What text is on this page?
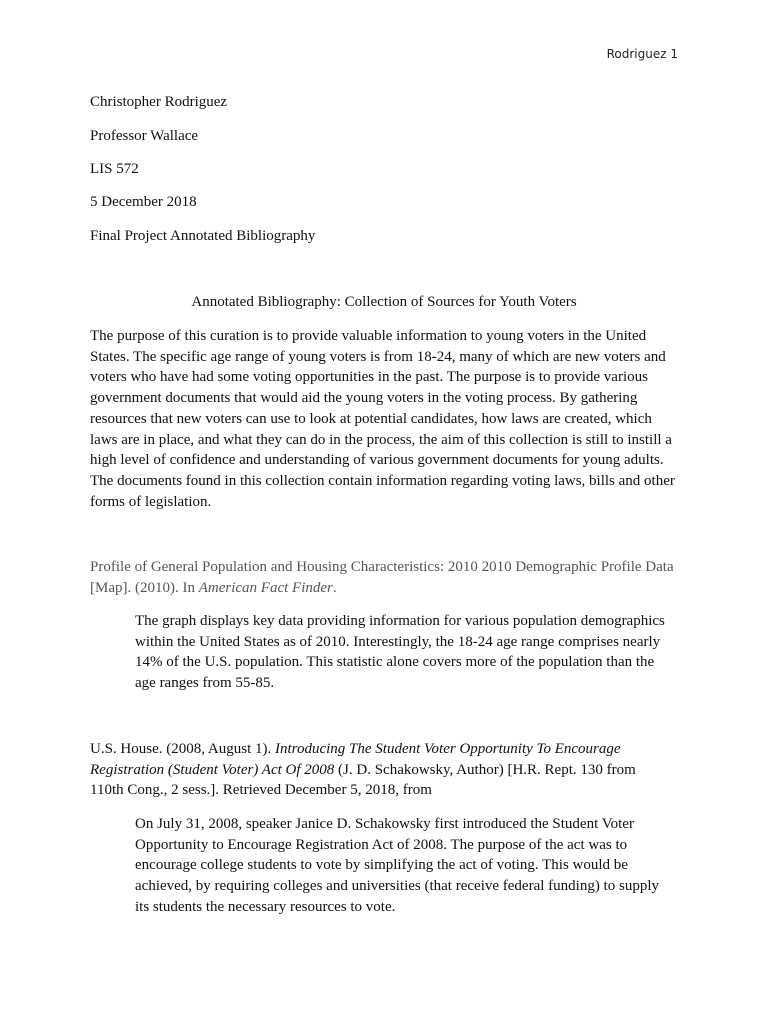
Rodriguez 1
Christopher Rodriguez
Professor Wallace
LIS 572
5 December 2018
Final Project Annotated Bibliography
Annotated Bibliography: Collection of Sources for Youth Voters
The purpose of this curation is to provide valuable information to young voters in the United
States. The specific age range of young voters is from 18-24, many of which are new voters and
voters who have had some voting opportunities in the past. The purpose is to provide various
government documents that would aid the young voters in the voting process. By gathering
resources that new voters can use to look at potential candidates, how laws are created, which
laws are in place, and what they can do in the process, the aim of this collection is still to instill a
high level of confidence and understanding of various government documents for young adults.
The documents found in this collection contain information regarding voting laws, bills and other
forms of legislation.
Profile of General Population and Housing Characteristics: 2010 2010 Demographic Profile Data
[Map]. (2010). In American Fact Finder.
The graph displays key data providing information for various population demographics
within the United States as of 2010. Interestingly, the 18-24 age range comprises nearly
14% of the U.S. population. This statistic alone covers more of the population than the
age ranges from 55-85.
U.S. House. (2008, August 1). Introducing The Student Voter Opportunity To Encourage
Registration (Student Voter) Act Of 2008 (J. D. Schakowsky, Author) [H.R. Rept. 130 from
110th Cong., 2 sess.]. Retrieved December 5, 2018, from
On July 31, 2008, speaker Janice D. Schakowsky first introduced the Student Voter
Opportunity to Encourage Registration Act of 2008. The purpose of the act was to
encourage college students to vote by simplifying the act of voting. This would be
achieved, by requiring colleges and universities (that receive federal funding) to supply
its students the necessary resources to vote.
